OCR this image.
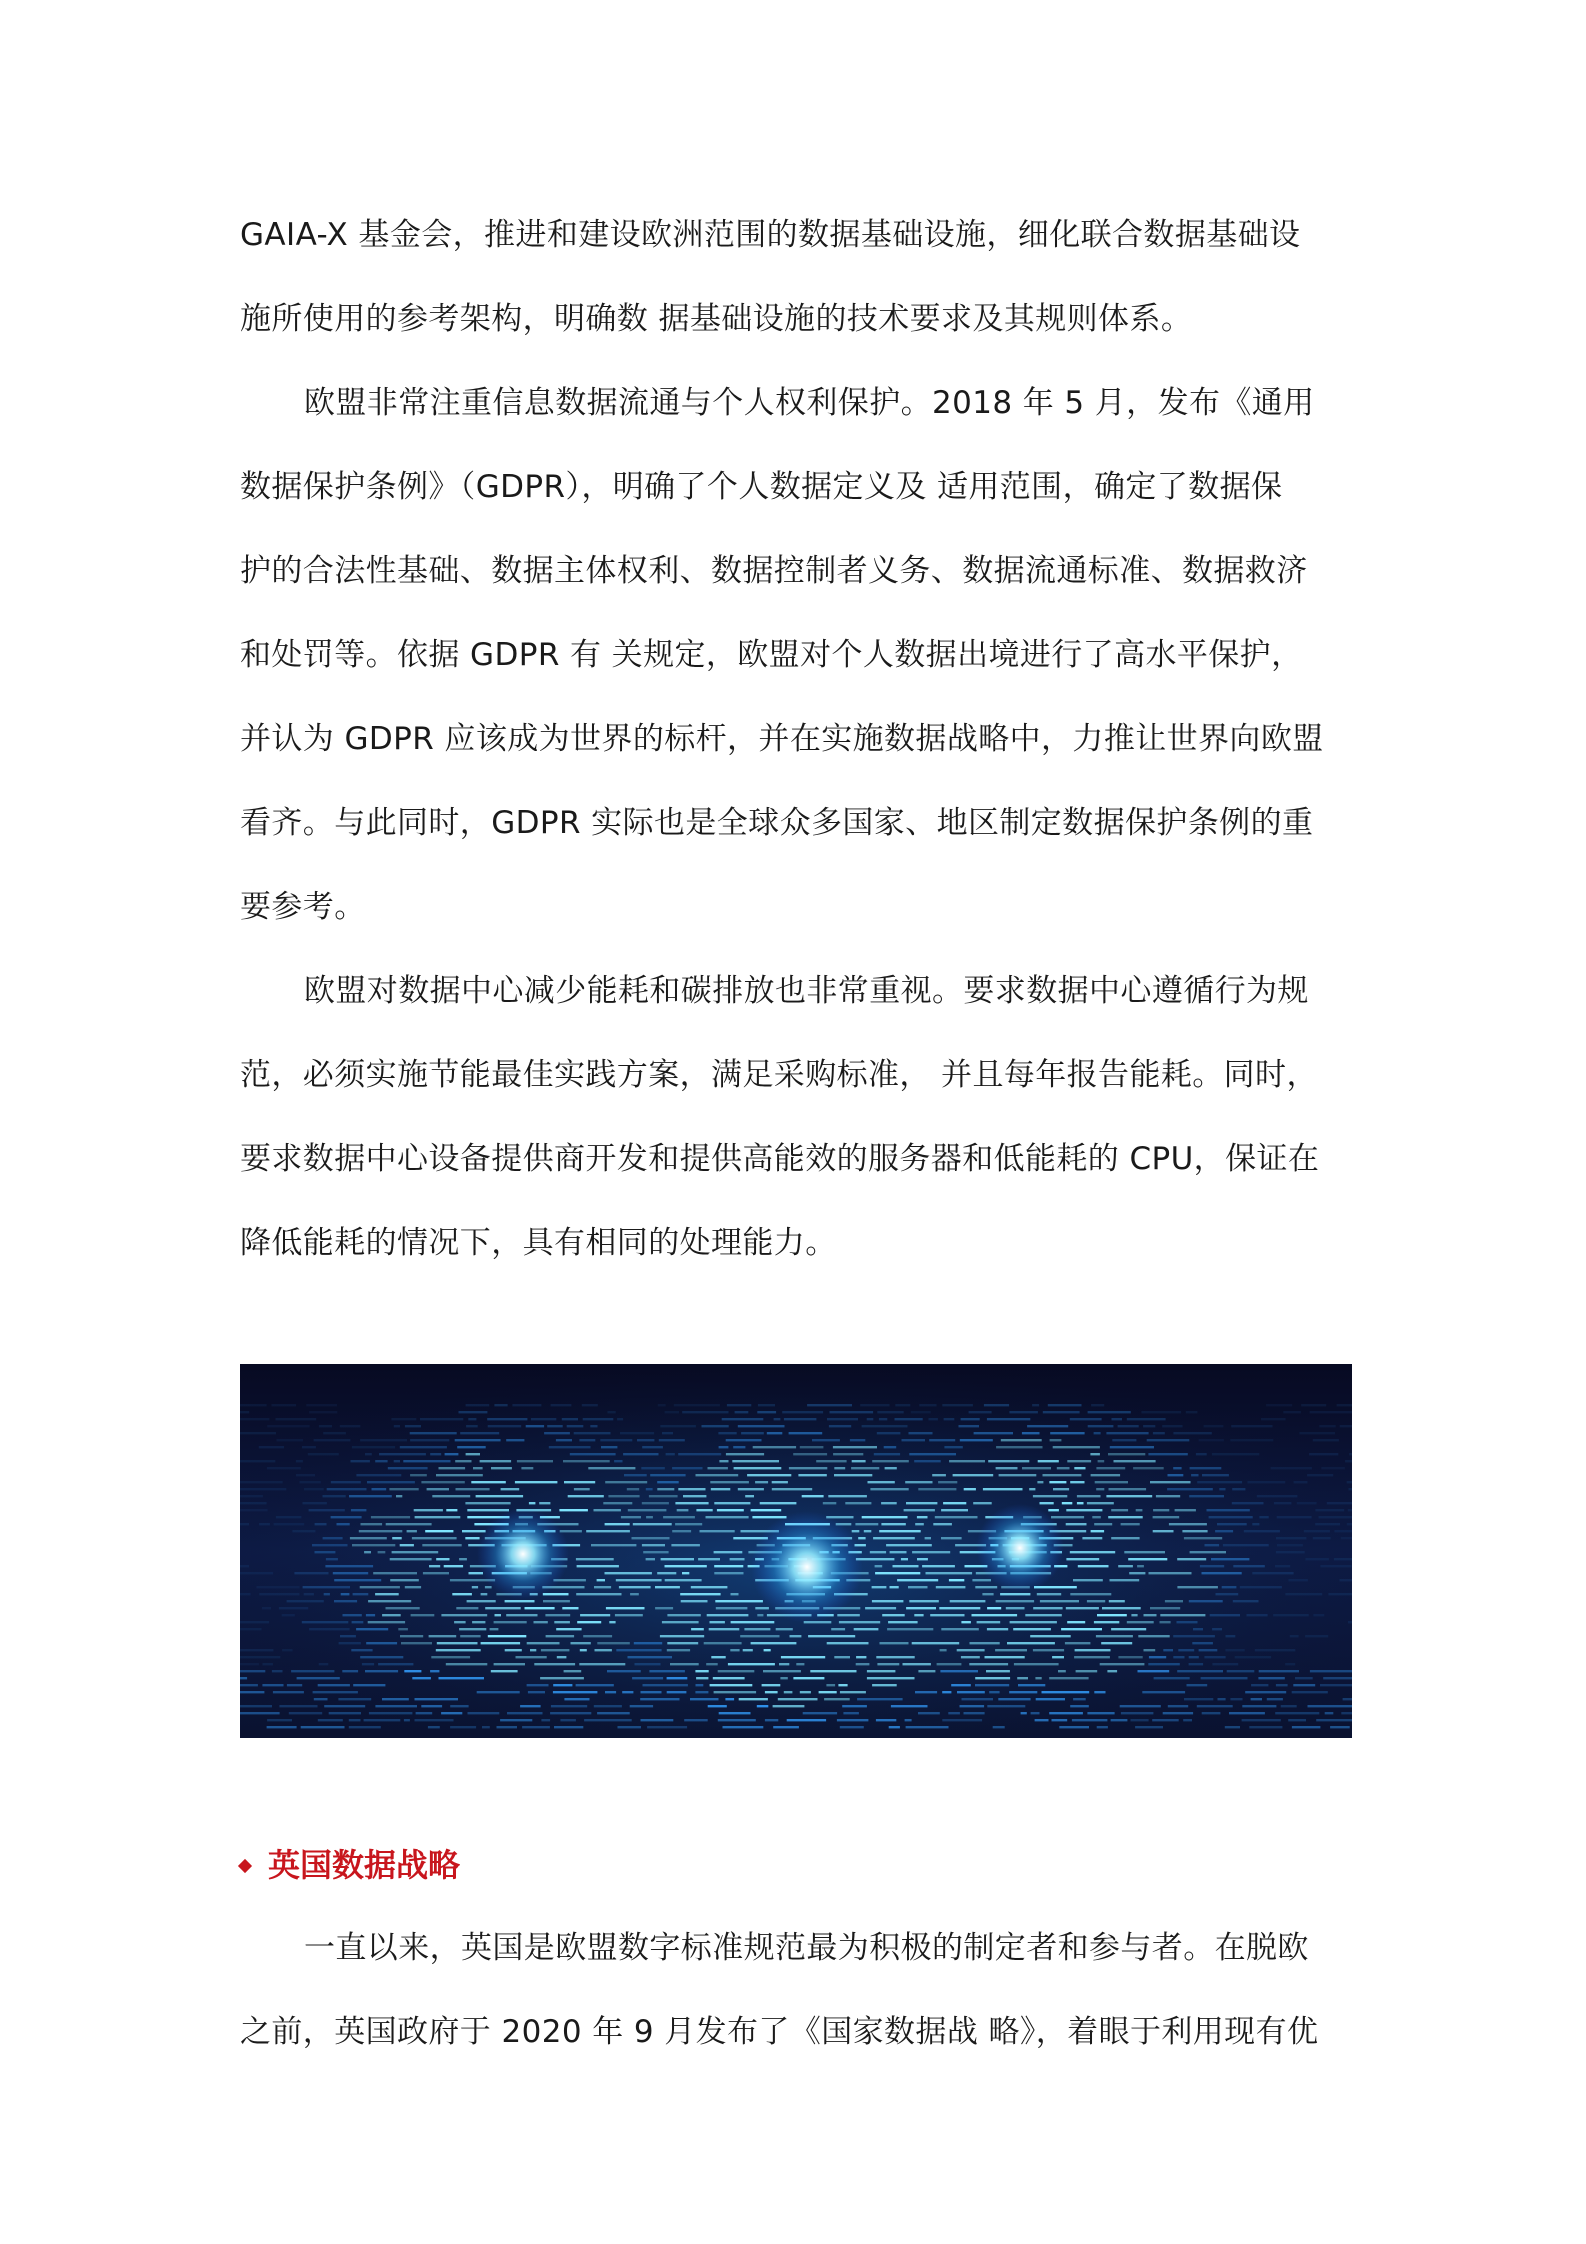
GAIA-X 基金会，推进和建设欧洲范围的数据基础设施，细化联合数据基础设
施所使用的参考架构，明确数 据基础设施的技术要求及其规则体系。
欧盟非常注重信息数据流通与个人权利保护。2018 年 5 月，发布《通用
数据保护条例》（GDPR），明确了个人数据定义及 适用范围，确定了数据保
护的合法性基础、数据主体权利、数据控制者义务、数据流通标准、数据救济
和处罚等。依据 GDPR 有 关规定，欧盟对个人数据出境进行了高水平保护，
并认为 GDPR 应该成为世界的标杆，并在实施数据战略中，力推让世界向欧盟
看齐。与此同时，GDPR 实际也是全球众多国家、地区制定数据保护条例的重
要参考。
欧盟对数据中心减少能耗和碳排放也非常重视。要求数据中心遵循行为规
范，必须实施节能最佳实践方案，满足采购标准， 并且每年报告能耗。同时，
要求数据中心设备提供商开发和提供高能效的服务器和低能耗的 CPU，保证在
降低能耗的情况下，具有相同的处理能力。
英国数据战略
一直以来，英国是欧盟数字标准规范最为积极的制定者和参与者。在脱欧
之前，英国政府于 2020 年 9 月发布了《国家数据战 略》，着眼于利用现有优
